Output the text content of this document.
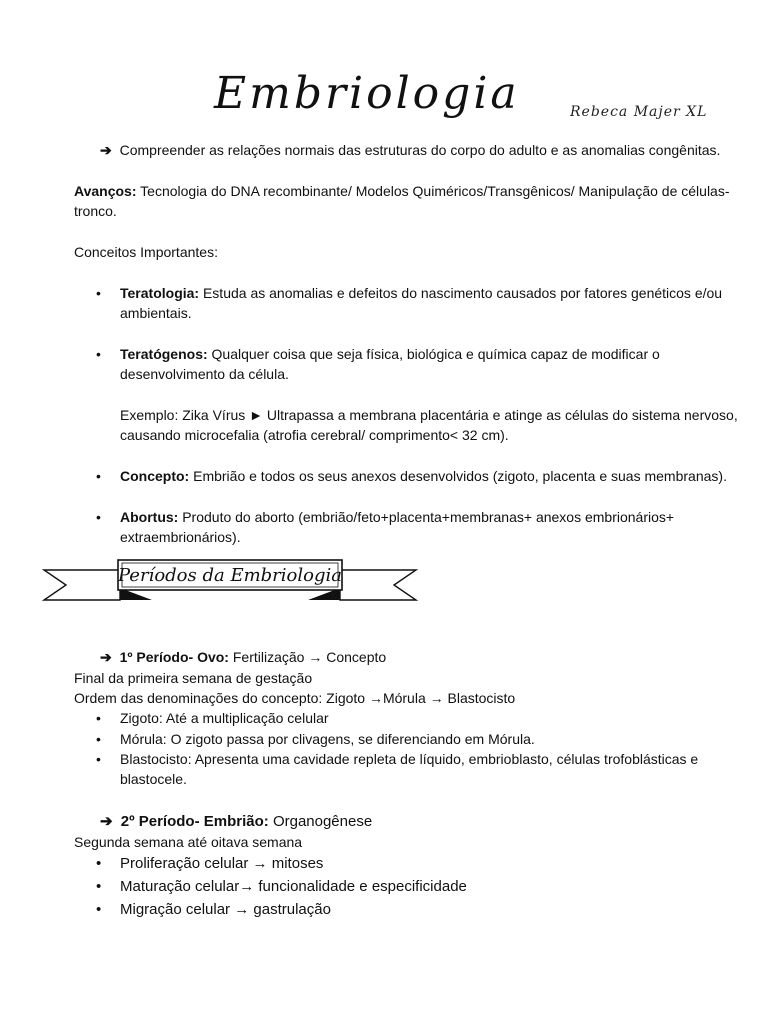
Embriologia	Rebeca Majer XL
➔ Compreender as relações normais das estruturas do corpo do adulto e as anomalias congênitas.
Avanços: Tecnologia do DNA recombinante/ Modelos Quiméricos/Transgênicos/ Manipulação de células-
tronco.
Conceitos Importantes:
• Teratologia: Estuda as anomalias e defeitos do nascimento causados por fatores genéticos e/ou
ambientais.
• Teratógenos: Qualquer coisa que seja física, biológica e química capaz de modificar o
desenvolvimento da célula.
Exemplo: Zika Vírus ► Ultrapassa a membrana placentária e atinge as células do sistema nervoso,
causando microcefalia (atrofia cerebral/ comprimento< 32 cm).
• Concepto: Embrião e todos os seus anexos desenvolvidos (zigoto, placenta e suas membranas).
• Abortus: Produto do aborto (embrião/feto+placenta+membranas+ anexos embrionários+
extraembrionários).
Períodos da Embriologia
➔ 1º Período- Ovo: Fertilização → Concepto
Final da primeira semana de gestação
Ordem das denominações do concepto: Zigoto →Mórula → Blastocisto
• Zigoto: Até a multiplicação celular
• Mórula: O zigoto passa por clivagens, se diferenciando em Mórula.
• Blastocisto: Apresenta uma cavidade repleta de líquido, embrioblasto, células trofoblásticas e
blastocele.
➔ 2º Período- Embrião: Organogênese
Segunda semana até oitava semana
• Proliferação celular → mitoses
• Maturação celular→ funcionalidade e especificidade
• Migração celular → gastrulação
